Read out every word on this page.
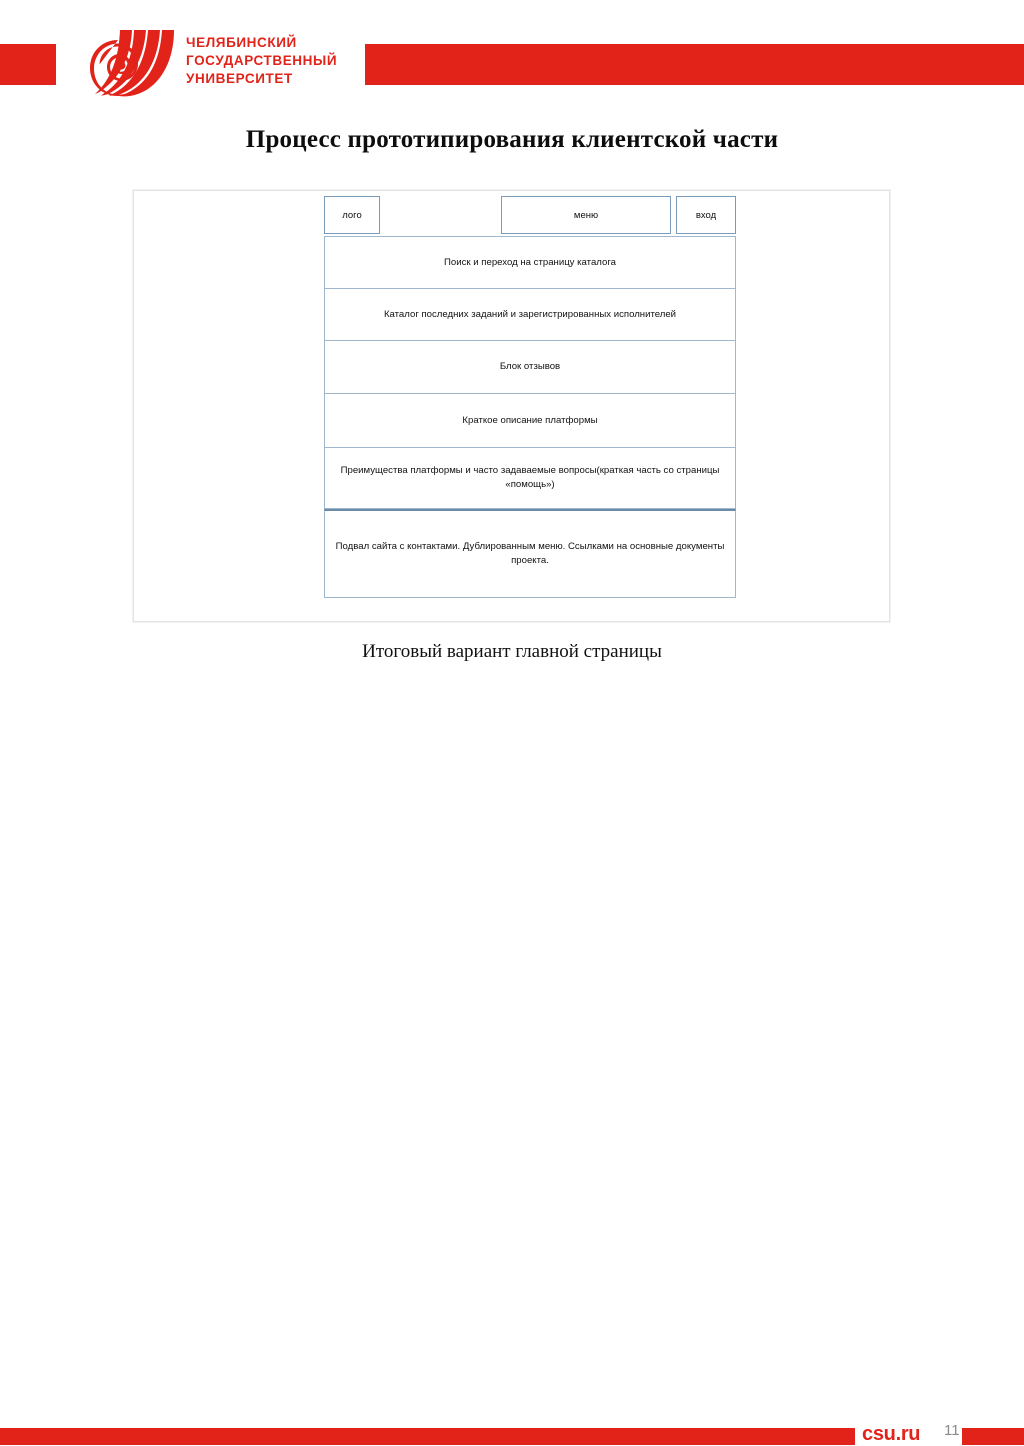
ЧЕЛЯБИНСКИЙ
ГОСУДАРСТВЕННЫЙ
УНИВЕРСИТЕТ
Процесс прототипирования клиентской части
лого	меню	вход
Поиск и переход на страницу каталога
Каталог последних заданий и зарегистрированных исполнителей
Блок отзывов
Краткое описание платформы
Преимущества платформы и часто задаваемые вопросы(краткая часть со страницы «помощь»)
Подвал сайта с контактами. Дублированным меню. Ссылками на основные документы проекта.
Итоговый вариант главной страницы
csu.ru 11
